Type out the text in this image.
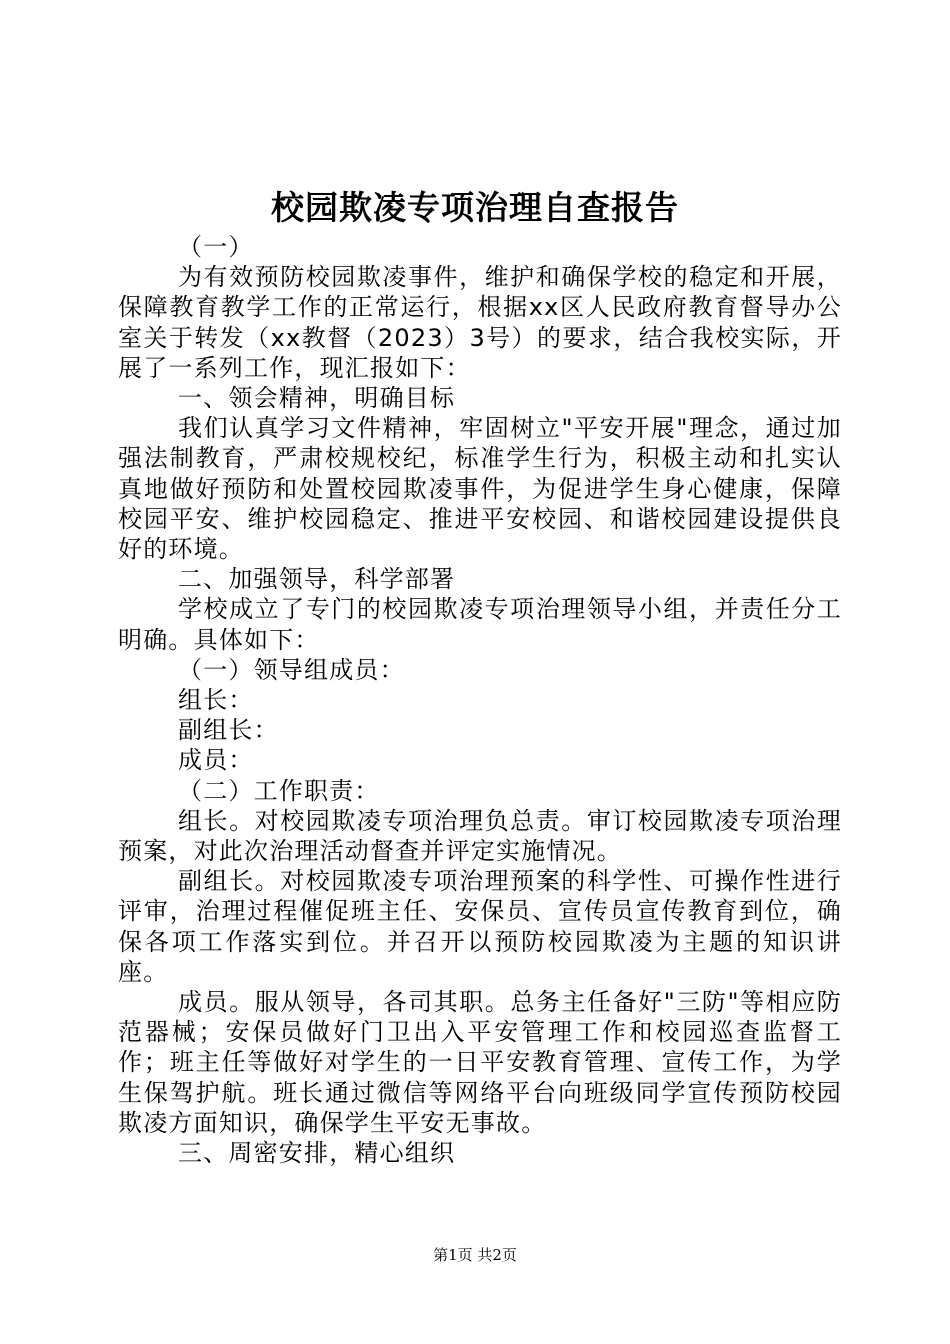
校园欺凌专项治理自查报告

（一）

为有效预防校园欺凌事件，维护和确保学校的稳定和开展，保障教育教学工作的正常运行，根据xx区人民政府教育督导办公室关于转发（xx教督（2023）3号）的要求，结合我校实际，开展了一系列工作，现汇报如下：

一、领会精神，明确目标

我们认真学习文件精神，牢固树立"平安开展"理念，通过加强法制教育，严肃校规校纪，标准学生行为，积极主动和扎实认真地做好预防和处置校园欺凌事件，为促进学生身心健康，保障校园平安、维护校园稳定、推进平安校园、和谐校园建设提供良好的环境。

二、加强领导，科学部署

学校成立了专门的校园欺凌专项治理领导小组，并责任分工明确。具体如下：

（一）领导组成员：

组长：

副组长：

成员：

（二）工作职责：

组长。对校园欺凌专项治理负总责。审订校园欺凌专项治理预案，对此次治理活动督查并评定实施情况。

副组长。对校园欺凌专项治理预案的科学性、可操作性进行评审，治理过程催促班主任、安保员、宣传员宣传教育到位，确保各项工作落实到位。并召开以预防校园欺凌为主题的知识讲座。

成员。服从领导，各司其职。总务主任备好"三防"等相应防范器械；安保员做好门卫出入平安管理工作和校园巡查监督工作；班主任等做好对学生的一日平安教育管理、宣传工作，为学生保驾护航。班长通过微信等网络平台向班级同学宣传预防校园欺凌方面知识，确保学生平安无事故。

三、周密安排，精心组织

第1页 共2页
